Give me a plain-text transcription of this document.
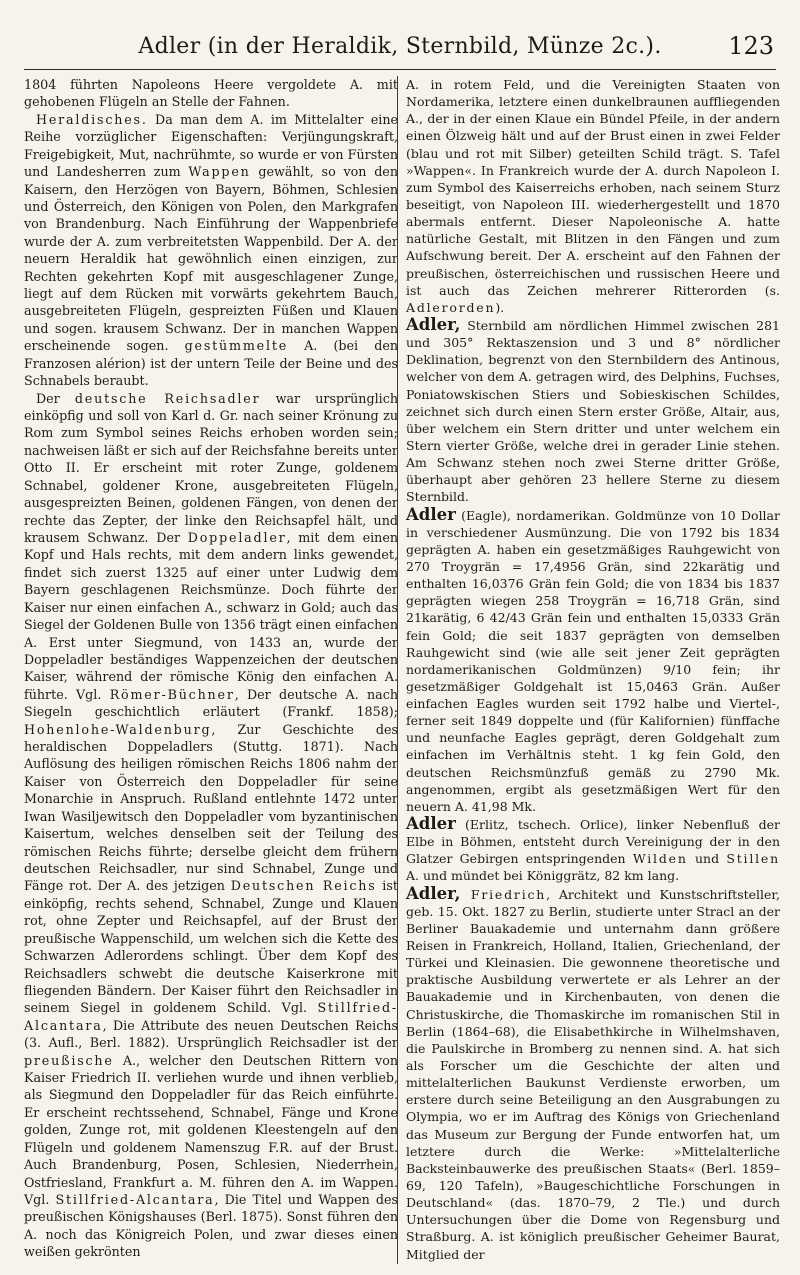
Adler (in der Heraldik, Sternbild, Münze 2c.).	123

1804 führten Napoleons Heere vergoldete A. mit gehobenen Flügeln an Stelle der Fahnen.

Heraldisches. Da man dem A. im Mittelalter eine Reihe vorzüglicher Eigenschaften: Verjüngungskraft, Freigebigkeit, Mut, nachrühmte, so wurde er von Fürsten und Landesherren zum Wappen gewählt, so von den Kaisern, den Herzögen von Bayern, Böhmen, Schlesien und Österreich, den Königen von Polen, den Markgrafen von Brandenburg. Nach Einführung der Wappenbriefe wurde der A. zum verbreitetsten Wappenbild. Der A. der neuern Heraldik hat gewöhnlich einen einzigen, zur Rechten gekehrten Kopf mit ausgeschlagener Zunge, liegt auf dem Rücken mit vorwärts gekehrtem Bauch, ausgebreiteten Flügeln, gespreizten Füßen und Klauen und sogen. krausem Schwanz. Der in manchen Wappen erscheinende sogen. gestümmelte A. (bei den Franzosen alérion) ist der untern Teile der Beine und des Schnabels beraubt.

Der deutsche Reichsadler war ursprünglich einköpfig und soll von Karl d. Gr. nach seiner Krönung zu Rom zum Symbol seines Reichs erhoben worden sein; nachweisen läßt er sich auf der Reichsfahne bereits unter Otto II. Er erscheint mit roter Zunge, goldenem Schnabel, goldener Krone, ausgebreiteten Flügeln, ausgespreizten Beinen, goldenen Fängen, von denen der rechte das Zepter, der linke den Reichsapfel hält, und krausem Schwanz. Der Doppeladler, mit dem einen Kopf und Hals rechts, mit dem andern links gewendet, findet sich zuerst 1325 auf einer unter Ludwig dem Bayern geschlagenen Reichsmünze. Doch führte der Kaiser nur einen einfachen A., schwarz in Gold; auch das Siegel der Goldenen Bulle von 1356 trägt einen einfachen A. Erst unter Siegmund, von 1433 an, wurde der Doppeladler beständiges Wappenzeichen der deutschen Kaiser, während der römische König den einfachen A. führte. Vgl. Römer-Büchner, Der deutsche A. nach Siegeln geschichtlich erläutert (Frankf. 1858); Hohenlohe-Waldenburg, Zur Geschichte des heraldischen Doppeladlers (Stuttg. 1871). Nach Auflösung des heiligen römischen Reichs 1806 nahm der Kaiser von Österreich den Doppeladler für seine Monarchie in Anspruch. Rußland entlehnte 1472 unter Iwan Wasiljewitsch den Doppeladler vom byzantinischen Kaisertum, welches denselben seit der Teilung des römischen Reichs führte; derselbe gleicht dem frühern deutschen Reichsadler, nur sind Schnabel, Zunge und Fänge rot. Der A. des jetzigen Deutschen Reichs ist einköpfig, rechts sehend, Schnabel, Zunge und Klauen rot, ohne Zepter und Reichsapfel, auf der Brust der preußische Wappenschild, um welchen sich die Kette des Schwarzen Adlerordens schlingt. Über dem Kopf des Reichsadlers schwebt die deutsche Kaiserkrone mit fliegenden Bändern. Der Kaiser führt den Reichsadler in seinem Siegel in goldenem Schild. Vgl. Stillfried-Alcantara, Die Attribute des neuen Deutschen Reichs (3. Aufl., Berl. 1882). Ursprünglich Reichsadler ist der preußische A., welcher den Deutschen Rittern von Kaiser Friedrich II. verliehen wurde und ihnen verblieb, als Siegmund den Doppeladler für das Reich einführte. Er erscheint rechtssehend, Schnabel, Fänge und Krone golden, Zunge rot, mit goldenen Kleestengeln auf den Flügeln und goldenem Namenszug F.R. auf der Brust. Auch Brandenburg, Posen, Schlesien, Niederrhein, Ostfriesland, Frankfurt a. M. führen den A. im Wappen. Vgl. Stillfried-Alcantara, Die Titel und Wappen des preußischen Königshauses (Berl. 1875). Sonst führen den A. noch das Königreich Polen, und zwar dieses einen weißen gekrönten

A. in rotem Feld, und die Vereinigten Staaten von Nordamerika, letztere einen dunkelbraunen auffliegenden A., der in der einen Klaue ein Bündel Pfeile, in der andern einen Ölzweig hält und auf der Brust einen in zwei Felder (blau und rot mit Silber) geteilten Schild trägt. S. Tafel »Wappen«. In Frankreich wurde der A. durch Napoleon I. zum Symbol des Kaiserreichs erhoben, nach seinem Sturz beseitigt, von Napoleon III. wiederhergestellt und 1870 abermals entfernt. Dieser Napoleonische A. hatte natürliche Gestalt, mit Blitzen in den Fängen und zum Aufschwung bereit. Der A. erscheint auf den Fahnen der preußischen, österreichischen und russischen Heere und ist auch das Zeichen mehrerer Ritterorden (s. Adlerorden).

Adler, Sternbild am nördlichen Himmel zwischen 281 und 305° Rektaszension und 3 und 8° nördlicher Deklination, begrenzt von den Sternbildern des Antinous, welcher von dem A. getragen wird, des Delphins, Fuchses, Poniatowskischen Stiers und Sobieskischen Schildes, zeichnet sich durch einen Stern erster Größe, Altair, aus, über welchem ein Stern dritter und unter welchem ein Stern vierter Größe, welche drei in gerader Linie stehen. Am Schwanz stehen noch zwei Sterne dritter Größe, überhaupt aber gehören 23 hellere Sterne zu diesem Sternbild.

Adler (Eagle), nordamerikan. Goldmünze von 10 Dollar in verschiedener Ausmünzung. Die von 1792 bis 1834 geprägten A. haben ein gesetzmäßiges Rauhgewicht von 270 Troygrän = 17,4956 Grän, sind 22karätig und enthalten 16,0376 Grän fein Gold; die von 1834 bis 1837 geprägten wiegen 258 Troygrän = 16,718 Grän, sind 21karätig, 6 42/43 Grän fein und enthalten 15,0333 Grän fein Gold; die seit 1837 geprägten von demselben Rauhgewicht sind (wie alle seit jener Zeit geprägten nordamerikanischen Goldmünzen) 9/10 fein; ihr gesetzmäßiger Goldgehalt ist 15,0463 Grän. Außer einfachen Eagles wurden seit 1792 halbe und Viertel-, ferner seit 1849 doppelte und (für Kalifornien) fünffache und neunfache Eagles geprägt, deren Goldgehalt zum einfachen im Verhältnis steht. 1 kg fein Gold, den deutschen Reichsmünzfuß gemäß zu 2790 Mk. angenommen, ergibt als gesetzmäßigen Wert für den neuern A. 41,98 Mk.

Adler (Erlitz, tschech. Orlice), linker Nebenfluß der Elbe in Böhmen, entsteht durch Vereinigung der in den Glatzer Gebirgen entspringenden Wilden und Stillen A. und mündet bei Königgrätz, 82 km lang.

Adler, Friedrich, Architekt und Kunstschriftsteller, geb. 15. Okt. 1827 zu Berlin, studierte unter Stracl an der Berliner Bauakademie und unternahm dann größere Reisen in Frankreich, Holland, Italien, Griechenland, der Türkei und Kleinasien. Die gewonnene theoretische und praktische Ausbildung verwertete er als Lehrer an der Bauakademie und in Kirchenbauten, von denen die Christuskirche, die Thomaskirche im romanischen Stil in Berlin (1864–68), die Elisabethkirche in Wilhelmshaven, die Paulskirche in Bromberg zu nennen sind. A. hat sich als Forscher um die Geschichte der alten und mittelalterlichen Baukunst Verdienste erworben, um erstere durch seine Beteiligung an den Ausgrabungen zu Olympia, wo er im Auftrag des Königs von Griechenland das Museum zur Bergung der Funde entworfen hat, um letztere durch die Werke: »Mittelalterliche Backsteinbauwerke des preußischen Staats« (Berl. 1859–69, 120 Tafeln), »Baugeschichtliche Forschungen in Deutschland« (das. 1870–79, 2 Tle.) und durch Untersuchungen über die Dome von Regensburg und Straßburg. A. ist königlich preußischer Geheimer Baurat, Mitglied der
